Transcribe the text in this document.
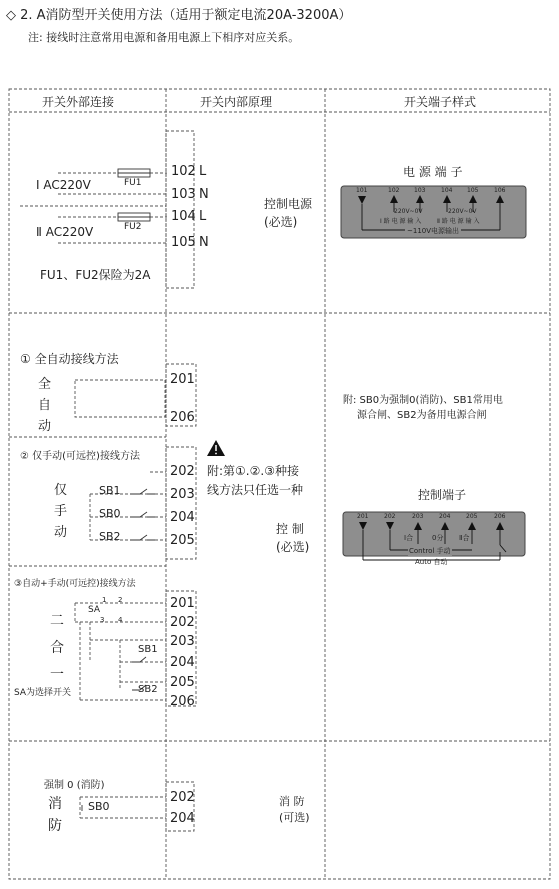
◇ 2. A消防型开关使用方法（适用于额定电流20A-3200A）
注: 接线时注意常用电源和备用电源上下相序对应关系。
开关外部连接	开关内部原理	开关端子样式
FU1
FU2
Ⅰ AC220V
Ⅱ AC220V
102
103
104
105
L
N
L
N
FU1、FU2保险为2A
控制电源
(必选)
电 源 端 子
101	102 103	104 105	106
220V~0V
Ⅰ 路 电 源 输 入
220V~0V
Ⅱ 路 电 源 输 入
~110V电源输出
① 全自动接线方法
全
自
动
201
206
② 仅手动(可远控)接线方法
仅
手
动
SB1
SB0
SB2
202
203
204
205
③自动+手动(可远控)接线方法
二
合
一
SA
1 2
3 4
SB1
SB2
201
202
203
204
205
206
SA为选择开关
附:第①.②.③种接
线方法只任选一种
控 制
(必选)
附: SB0为强制0(消防)、SB1常用电
源合闸、SB2为备用电源合闸
控制端子
201	202	203	204	205	206
Ⅰ合	0分 Ⅱ合
Control 手动
Auto 自动
强制 0 (消防)
消
防
SB0
202
204
消 防
(可选)
